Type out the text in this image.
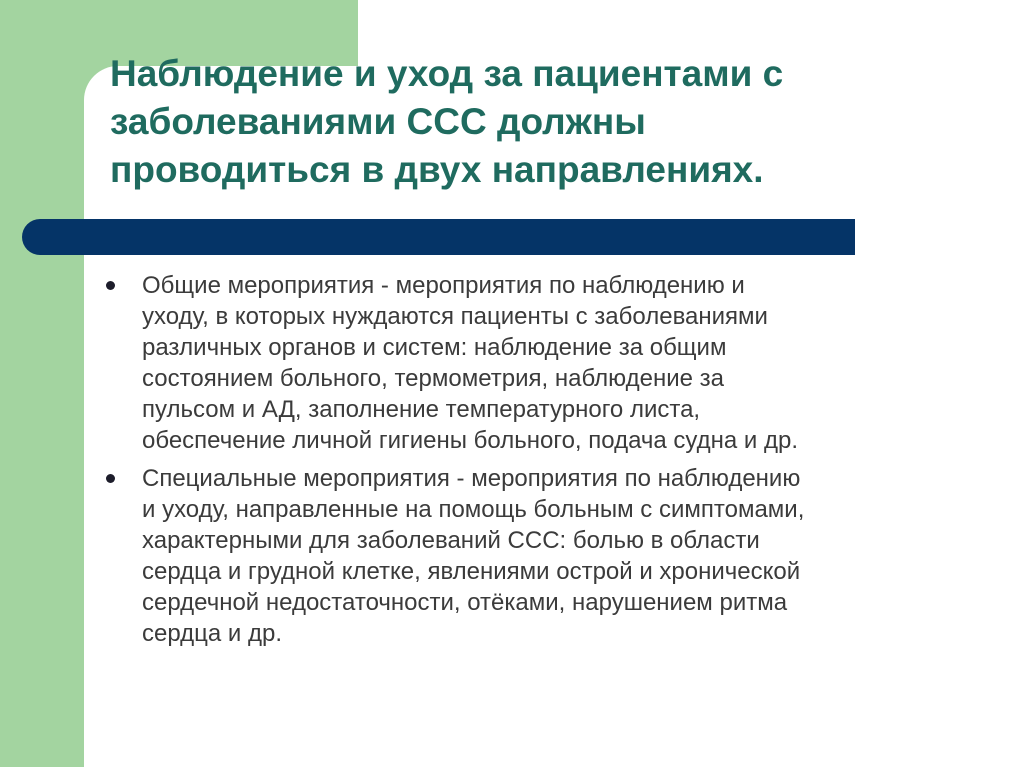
Наблюдение и уход за пациентами с
заболеваниями ССС должны
проводиться в двух направлениях.
Общие мероприятия - мероприятия по наблюдению и
уходу, в которых нуждаются пациенты с заболеваниями
различных органов и систем: наблюдение за общим
состоянием больного, термометрия, наблюдение за
пульсом и АД, заполнение температурного листа,
обеспечение личной гигиены больного, подача судна и др.
Специальные мероприятия - мероприятия по наблюдению
и уходу, направленные на помощь больным с симптомами,
характерными для заболеваний ССС: болью в области
сердца и грудной клетке, явлениями острой и хронической
сердечной недостаточности, отёками, нарушением ритма
сердца и др.
